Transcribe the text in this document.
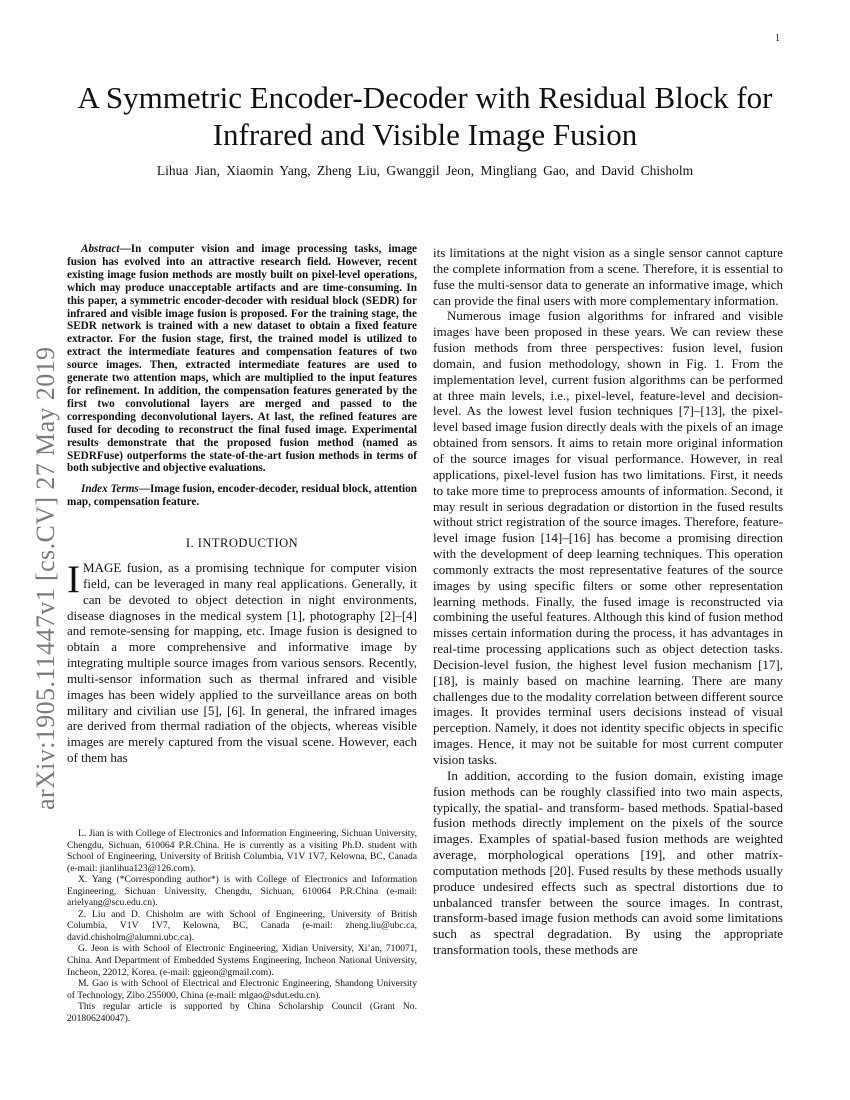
1
arXiv:1905.11447v1 [cs.CV] 27 May 2019
A Symmetric Encoder-Decoder with Residual Block for Infrared and Visible Image Fusion
Lihua Jian, Xiaomin Yang, Zheng Liu, Gwanggil Jeon, Mingliang Gao, and David Chisholm

Abstract—In computer vision and image processing tasks, image fusion has evolved into an attractive research field. However, recent existing image fusion methods are mostly built on pixel-level operations, which may produce unacceptable artifacts and are time-consuming. In this paper, a symmetric encoder-decoder with residual block (SEDR) for infrared and visible image fusion is proposed. For the training stage, the SEDR network is trained with a new dataset to obtain a fixed feature extractor. For the fusion stage, first, the trained model is utilized to extract the intermediate features and compensation features of two source images. Then, extracted intermediate features are used to generate two attention maps, which are multiplied to the input features for refinement. In addition, the compensation features generated by the first two convolutional layers are merged and passed to the corresponding deconvolutional layers. At last, the refined features are fused for decoding to reconstruct the final fused image. Experimental results demonstrate that the proposed fusion method (named as SEDRFuse) outperforms the state-of-the-art fusion methods in terms of both subjective and objective evaluations.

Index Terms—Image fusion, encoder-decoder, residual block, attention map, compensation feature.

I. INTRODUCTION

IMAGE fusion, as a promising technique for computer vision field, can be leveraged in many real applications. Generally, it can be devoted to object detection in night environments, disease diagnoses in the medical system [1], photography [2]–[4] and remote-sensing for mapping, etc. Image fusion is designed to obtain a more comprehensive and informative image by integrating multiple source images from various sensors. Recently, multi-sensor information such as thermal infrared and visible images has been widely applied to the surveillance areas on both military and civilian use [5], [6]. In general, the infrared images are derived from thermal radiation of the objects, whereas visible images are merely captured from the visual scene. However, each of them has

L. Jian is with College of Electronics and Information Engineering, Sichuan University, Chengdu, Sichuan, 610064 P.R.China. He is currently as a visiting Ph.D. student with School of Engineering, University of British Columbia, V1V 1V7, Kelowna, BC, Canada (e-mail: jianlihua123@126.com).

X. Yang (*Corresponding author*) is with College of Electronics and Information Engineering, Sichuan University, Chengdu, Sichuan, 610064 P.R.China (e-mail: arielyang@scu.edu.cn).

Z. Liu and D. Chisholm are with School of Engineering, University of British Columbia, V1V 1V7, Kelowna, BC, Canada (e-mail: zheng.liu@ubc.ca, david.chisholm@alumni.ubc.ca).

G. Jeon is with School of Electronic Engineering, Xidian University, Xi’an, 710071, China. And Department of Embedded Systems Engineering, Incheon National University, Incheon, 22012, Korea. (e-mail: ggjeon@gmail.com).

M. Gao is with School of Electrical and Electronic Engineering, Shandong University of Technology, Zibo 255000, China (e-mail: mlgao@sdut.edu.cn).

This regular article is supported by China Scholarship Council (Grant No. 201806240047).

its limitations at the night vision as a single sensor cannot capture the complete information from a scene. Therefore, it is essential to fuse the multi-sensor data to generate an informative image, which can provide the final users with more complementary information.

Numerous image fusion algorithms for infrared and visible images have been proposed in these years. We can review these fusion methods from three perspectives: fusion level, fusion domain, and fusion methodology, shown in Fig. 1. From the implementation level, current fusion algorithms can be performed at three main levels, i.e., pixel-level, feature-level and decision-level. As the lowest level fusion techniques [7]–[13], the pixel-level based image fusion directly deals with the pixels of an image obtained from sensors. It aims to retain more original information of the source images for visual performance. However, in real applications, pixel-level fusion has two limitations. First, it needs to take more time to preprocess amounts of information. Second, it may result in serious degradation or distortion in the fused results without strict registration of the source images. Therefore, feature-level image fusion [14]–[16] has become a promising direction with the development of deep learning techniques. This operation commonly extracts the most representative features of the source images by using specific filters or some other representation learning methods. Finally, the fused image is reconstructed via combining the useful features. Although this kind of fusion method misses certain information during the process, it has advantages in real-time processing applications such as object detection tasks. Decision-level fusion, the highest level fusion mechanism [17], [18], is mainly based on machine learning. There are many challenges due to the modality correlation between different source images. It provides terminal users decisions instead of visual perception. Namely, it does not identity specific objects in specific images. Hence, it may not be suitable for most current computer vision tasks.

In addition, according to the fusion domain, existing image fusion methods can be roughly classified into two main aspects, typically, the spatial- and transform- based methods. Spatial-based fusion methods directly implement on the pixels of the source images. Examples of spatial-based fusion methods are weighted average, morphological operations [19], and other matrix-computation methods [20]. Fused results by these methods usually produce undesired effects such as spectral distortions due to unbalanced transfer between the source images. In contrast, transform-based image fusion methods can avoid some limitations such as spectral degradation. By using the appropriate transformation tools, these methods are
